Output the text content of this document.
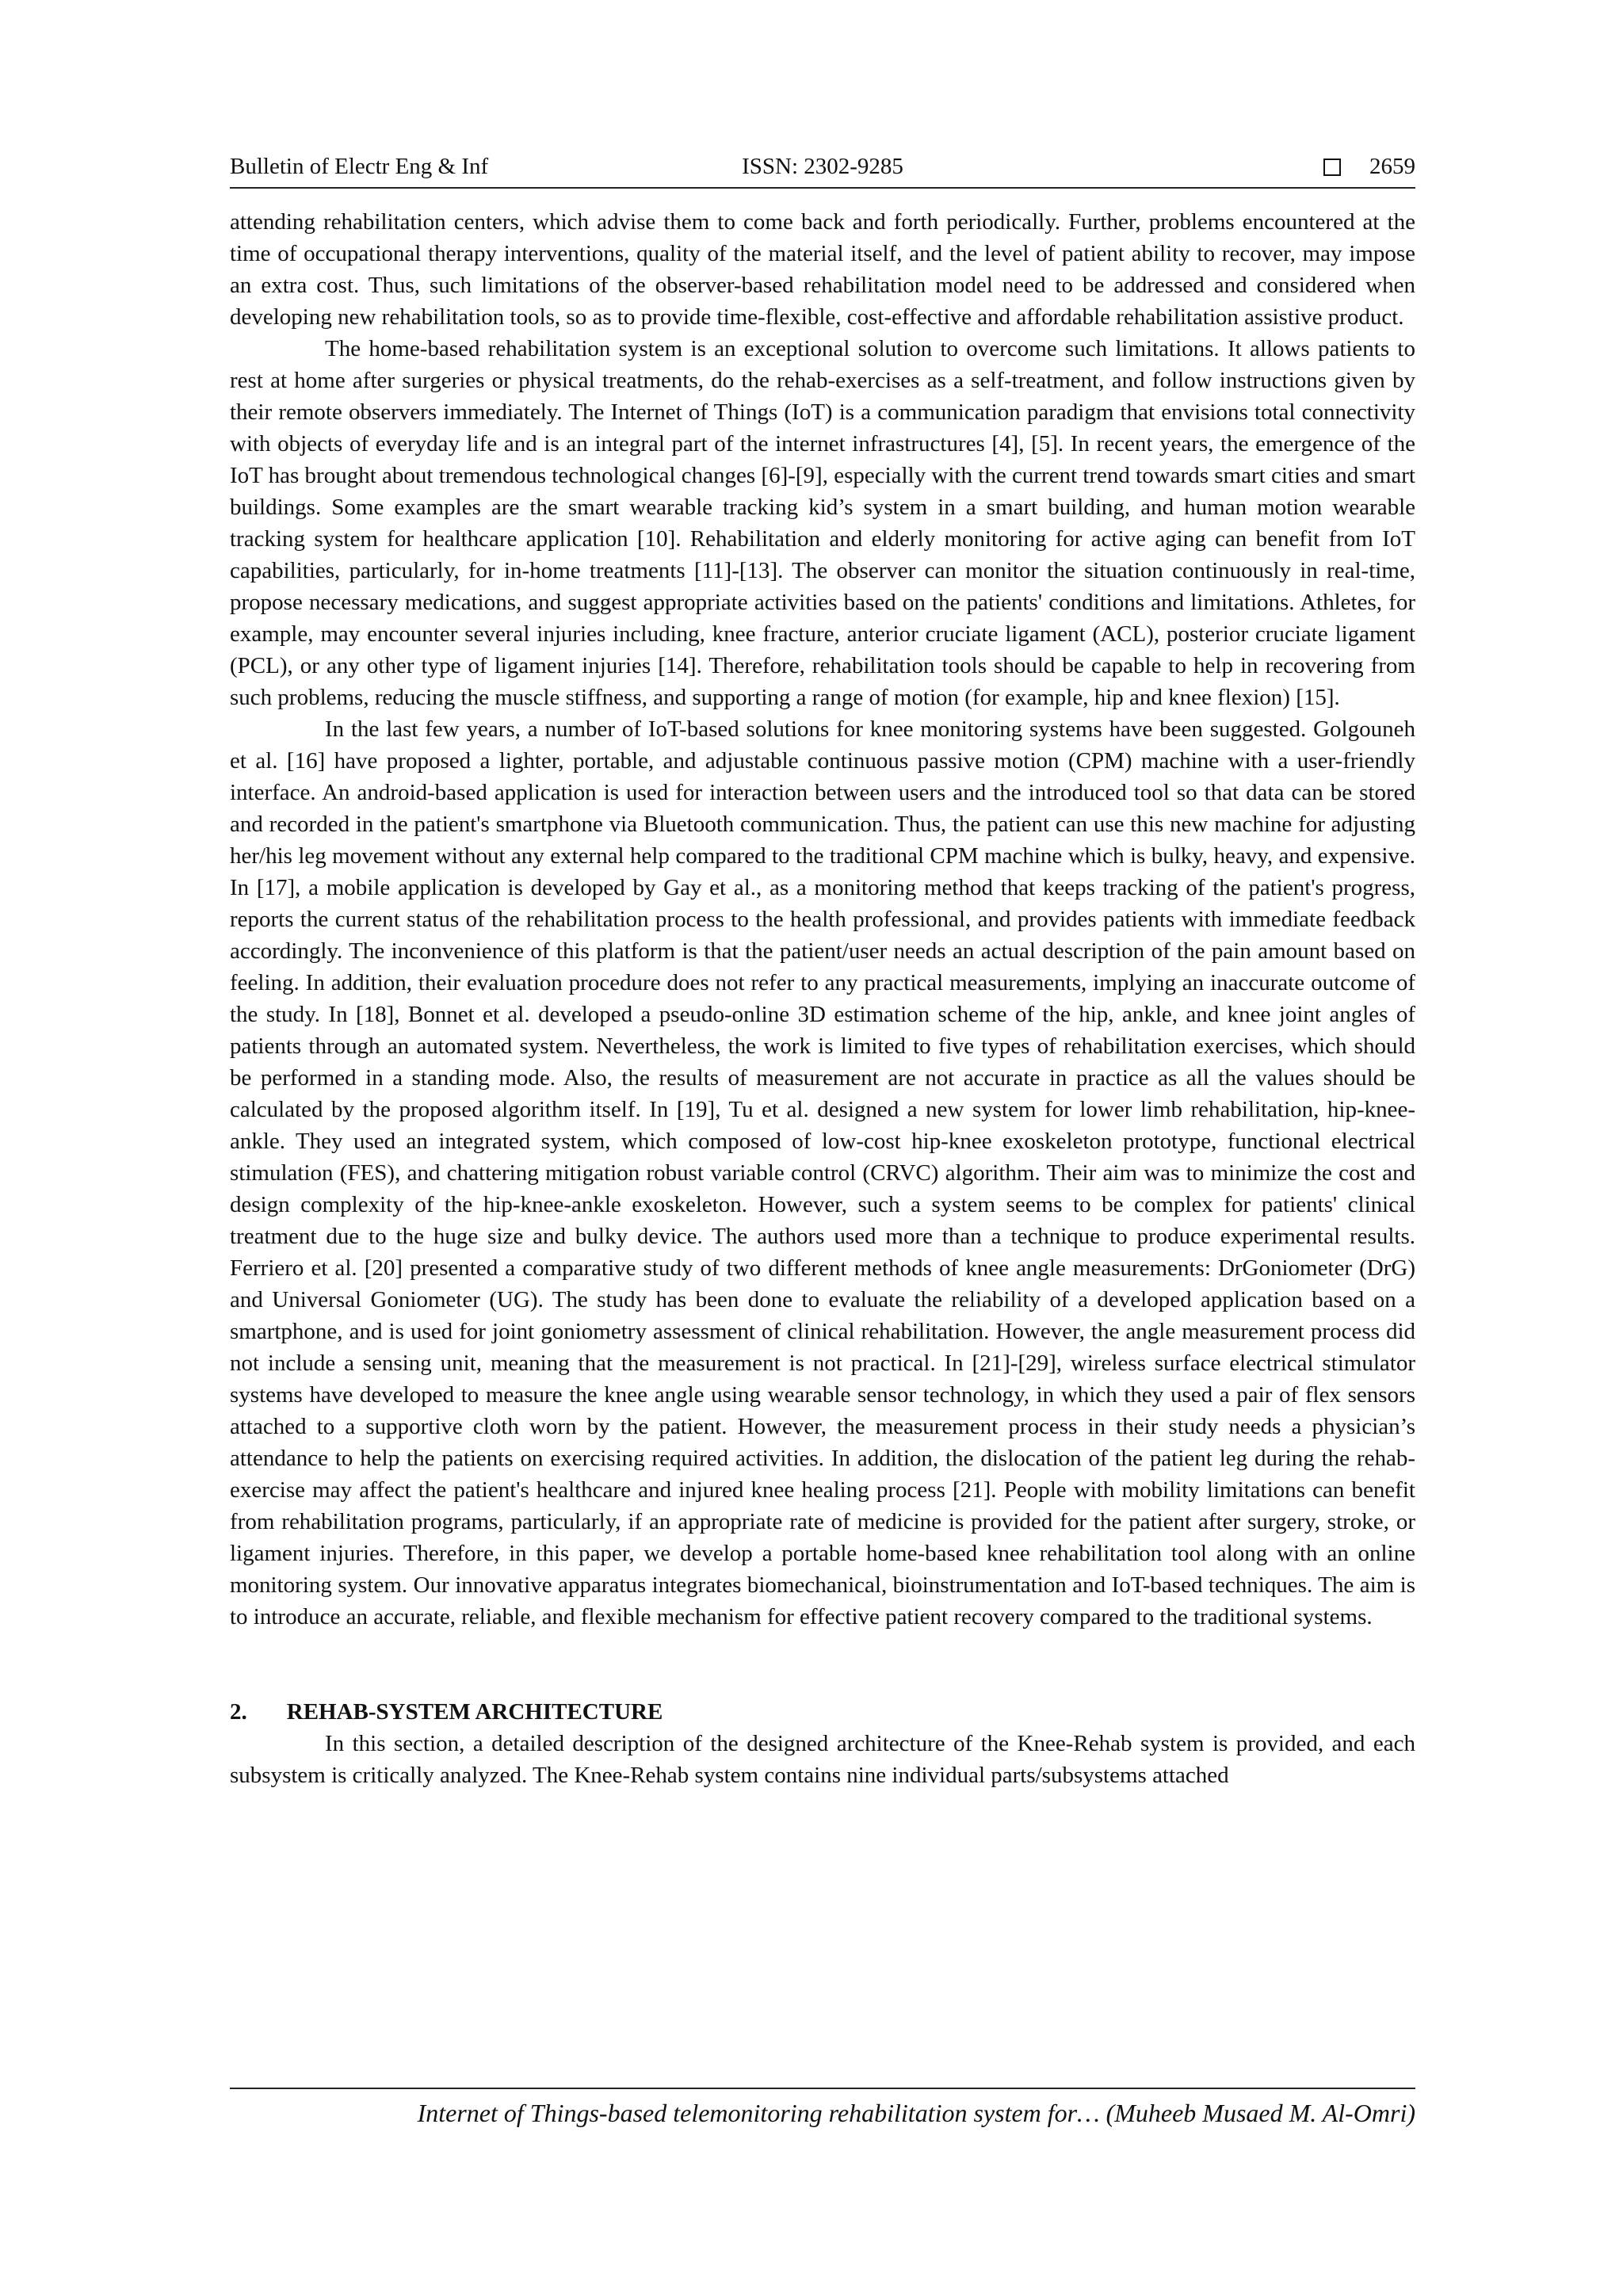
Bulletin of Electr Eng & Inf	ISSN: 2302-9285	2659

attending rehabilitation centers, which advise them to come back and forth periodically. Further, problems encountered at the time of occupational therapy interventions, quality of the material itself, and the level of patient ability to recover, may impose an extra cost. Thus, such limitations of the observer-based rehabilitation model need to be addressed and considered when developing new rehabilitation tools, so as to provide time-flexible, cost-effective and affordable rehabilitation assistive product.

The home-based rehabilitation system is an exceptional solution to overcome such limitations. It allows patients to rest at home after surgeries or physical treatments, do the rehab-exercises as a self-treatment, and follow instructions given by their remote observers immediately. The Internet of Things (IoT) is a communication paradigm that envisions total connectivity with objects of everyday life and is an integral part of the internet infrastructures [4], [5]. In recent years, the emergence of the IoT has brought about tremendous technological changes [6]-[9], especially with the current trend towards smart cities and smart buildings. Some examples are the smart wearable tracking kid’s system in a smart building, and human motion wearable tracking system for healthcare application [10]. Rehabilitation and elderly monitoring for active aging can benefit from IoT capabilities, particularly, for in-home treatments [11]-[13]. The observer can monitor the situation continuously in real-time, propose necessary medications, and suggest appropriate activities based on the patients' conditions and limitations. Athletes, for example, may encounter several injuries including, knee fracture, anterior cruciate ligament (ACL), posterior cruciate ligament (PCL), or any other type of ligament injuries [14]. Therefore, rehabilitation tools should be capable to help in recovering from such problems, reducing the muscle stiffness, and supporting a range of motion (for example, hip and knee flexion) [15].

In the last few years, a number of IoT-based solutions for knee monitoring systems have been suggested. Golgouneh et al. [16] have proposed a lighter, portable, and adjustable continuous passive motion (CPM) machine with a user-friendly interface. An android-based application is used for interaction between users and the introduced tool so that data can be stored and recorded in the patient's smartphone via Bluetooth communication. Thus, the patient can use this new machine for adjusting her/his leg movement without any external help compared to the traditional CPM machine which is bulky, heavy, and expensive. In [17], a mobile application is developed by Gay et al., as a monitoring method that keeps tracking of the patient's progress, reports the current status of the rehabilitation process to the health professional, and provides patients with immediate feedback accordingly. The inconvenience of this platform is that the patient/user needs an actual description of the pain amount based on feeling. In addition, their evaluation procedure does not refer to any practical measurements, implying an inaccurate outcome of the study. In [18], Bonnet et al. developed a pseudo-online 3D estimation scheme of the hip, ankle, and knee joint angles of patients through an automated system. Nevertheless, the work is limited to five types of rehabilitation exercises, which should be performed in a standing mode. Also, the results of measurement are not accurate in practice as all the values should be calculated by the proposed algorithm itself. In [19], Tu et al. designed a new system for lower limb rehabilitation, hip-knee-ankle. They used an integrated system, which composed of low-cost hip-knee exoskeleton prototype, functional electrical stimulation (FES), and chattering mitigation robust variable control (CRVC) algorithm. Their aim was to minimize the cost and design complexity of the hip-knee-ankle exoskeleton. However, such a system seems to be complex for patients' clinical treatment due to the huge size and bulky device. The authors used more than a technique to produce experimental results. Ferriero et al. [20] presented a comparative study of two different methods of knee angle measurements: DrGoniometer (DrG) and Universal Goniometer (UG). The study has been done to evaluate the reliability of a developed application based on a smartphone, and is used for joint goniometry assessment of clinical rehabilitation. However, the angle measurement process did not include a sensing unit, meaning that the measurement is not practical. In [21]-[29], wireless surface electrical stimulator systems have developed to measure the knee angle using wearable sensor technology, in which they used a pair of flex sensors attached to a supportive cloth worn by the patient. However, the measurement process in their study needs a physician’s attendance to help the patients on exercising required activities. In addition, the dislocation of the patient leg during the rehab-exercise may affect the patient's healthcare and injured knee healing process [21]. People with mobility limitations can benefit from rehabilitation programs, particularly, if an appropriate rate of medicine is provided for the patient after surgery, stroke, or ligament injuries. Therefore, in this paper, we develop a portable home-based knee rehabilitation tool along with an online monitoring system. Our innovative apparatus integrates biomechanical, bioinstrumentation and IoT-based techniques. The aim is to introduce an accurate, reliable, and flexible mechanism for effective patient recovery compared to the traditional systems.

2. REHAB-SYSTEM ARCHITECTURE

In this section, a detailed description of the designed architecture of the Knee-Rehab system is provided, and each subsystem is critically analyzed. The Knee-Rehab system contains nine individual parts/subsystems attached

Internet of Things-based telemonitoring rehabilitation system for… (Muheeb Musaed M. Al-Omri)
